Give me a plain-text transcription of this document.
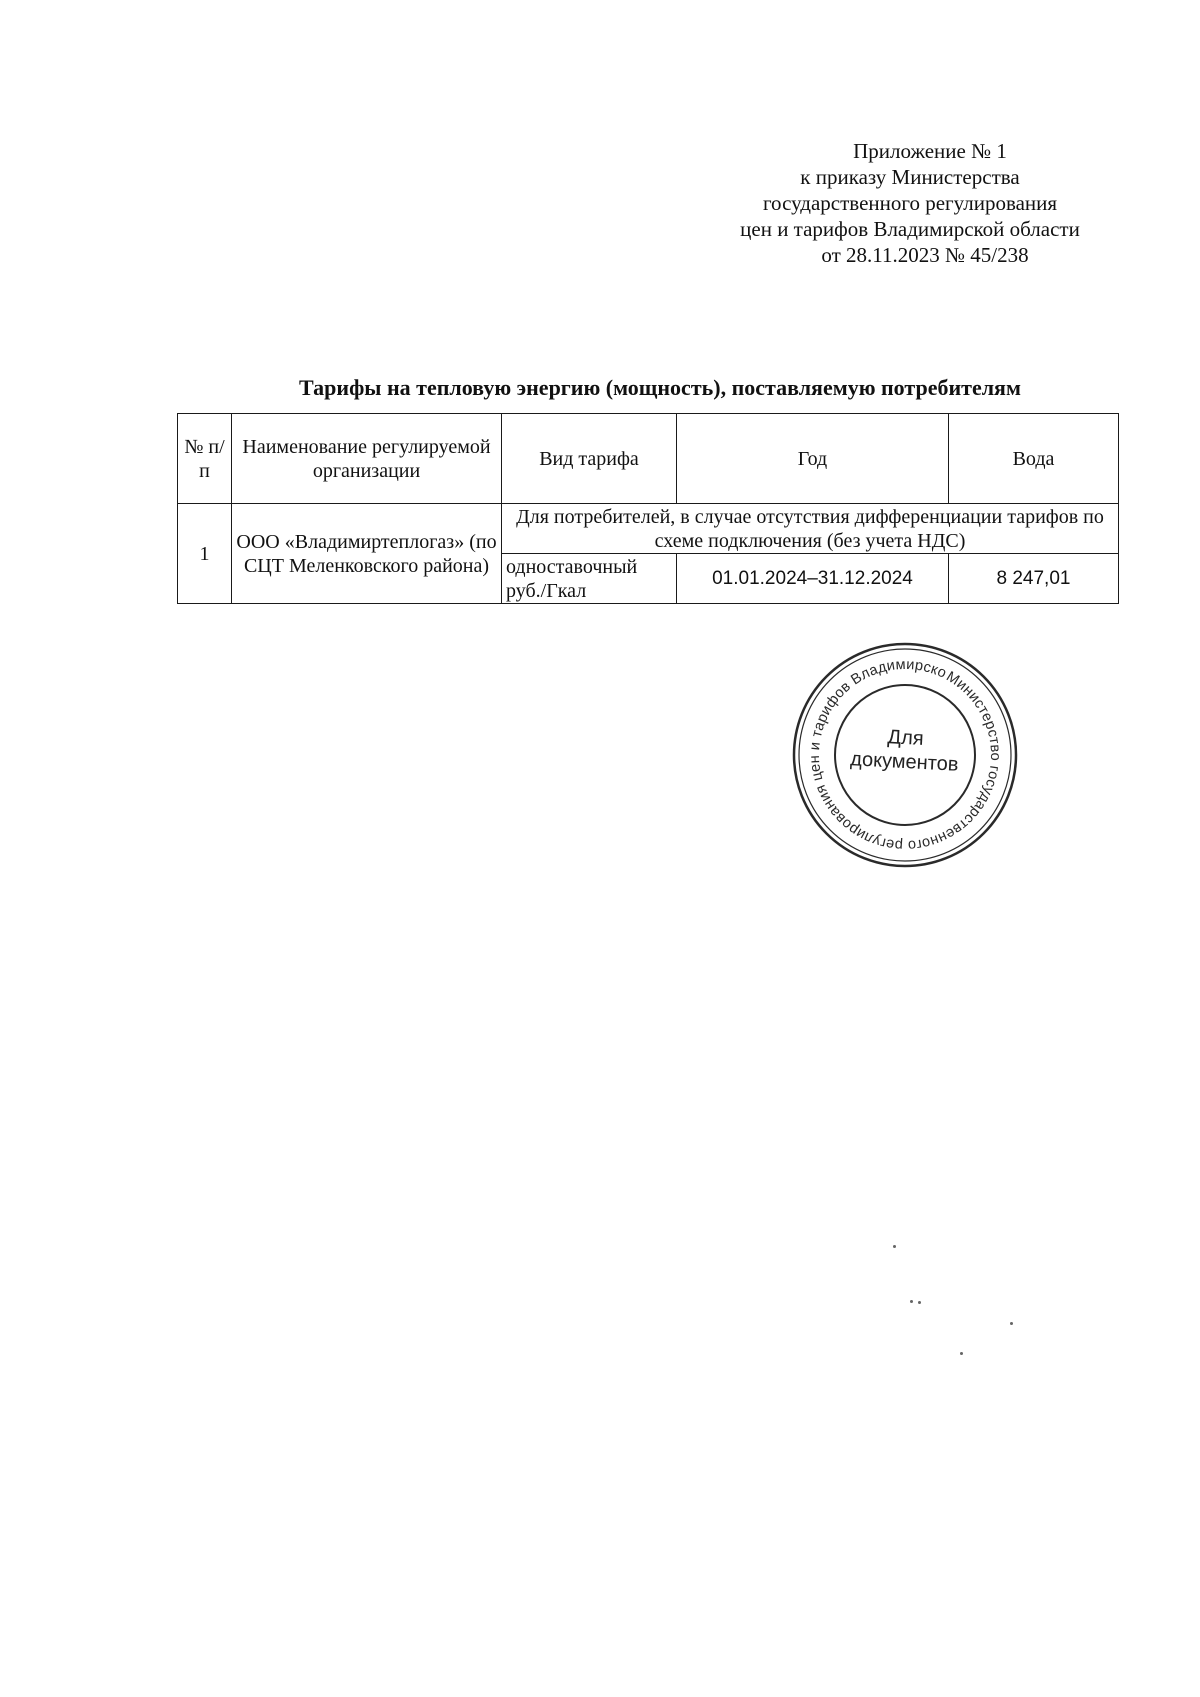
Приложение № 1
к приказу Министерства
государственного регулирования
цен и тарифов Владимирской области
от 28.11.2023 № 45/238
Тарифы на тепловую энергию (мощность), поставляемую потребителям
№ п/п	Наименование регулируемой организации	Вид тарифа	Год	Вода
1	ООО «Владимиртеплогаз» (по СЦТ Меленковского района)	Для потребителей, в случае отсутствия дифференциации тарифов по схеме подключения (без учета НДС)		
		одноставочный руб./Гкал	01.01.2024–31.12.2024	8 247,01
Министерство государственного регулирования цен и тарифов Владимирской
Для
документов
